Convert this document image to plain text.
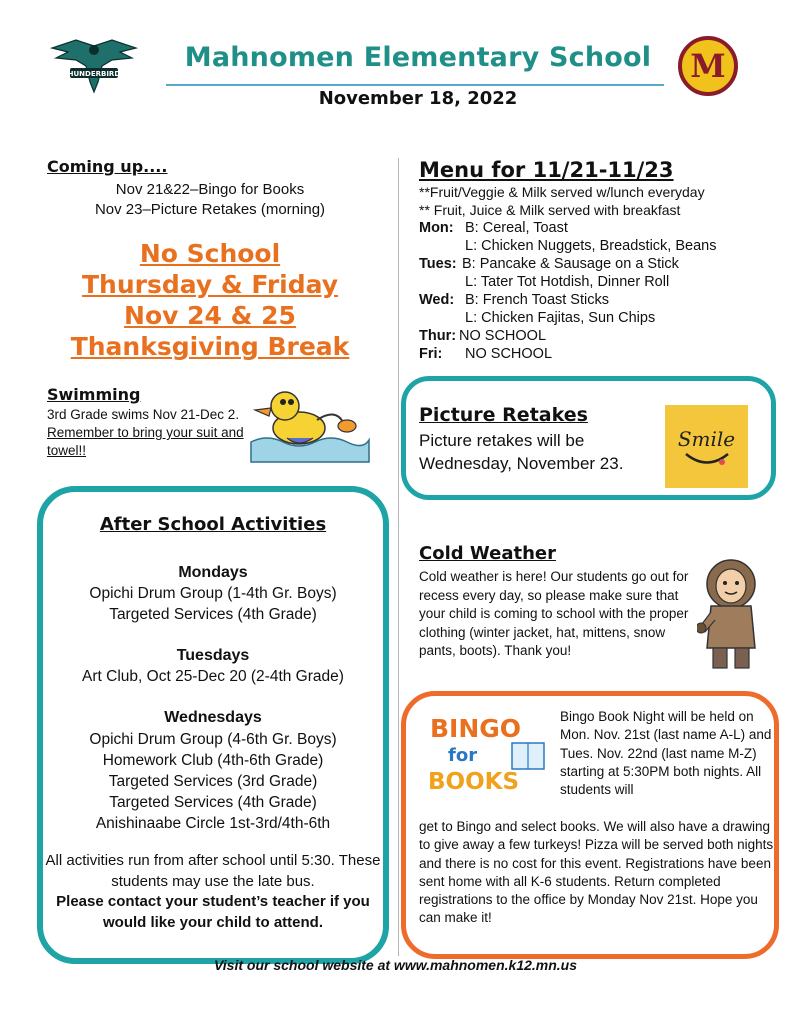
THUNDERBIRDS
Mahnomen Elementary School
November 18, 2022
M
Coming up....
Nov 21&22–Bingo for Books
Nov 23–Picture Retakes (morning)
No School
Thursday & Friday
Nov 24 & 25
Thanksgiving Break
Swimming
3rd Grade swims Nov 21-Dec 2.  Remember to bring your suit and towel!!
After School Activities
Mondays
Opichi Drum Group (1-4th Gr. Boys)
Targeted Services (4th Grade)
Tuesdays
Art Club, Oct 25-Dec 20 (2-4th Grade)
Wednesdays
Opichi Drum Group (4-6th Gr. Boys)
Homework Club (4th-6th Grade)
Targeted Services (3rd Grade)
Targeted Services (4th Grade)
Anishinaabe Circle 1st-3rd/4th-6th
All activities run from after school until 5:30. These students may use the late bus.
Please contact your student’s teacher if you would like your child to attend.
Menu for 11/21-11/23
**Fruit/Veggie & Milk served w/lunch everyday
** Fruit, Juice & Milk served with breakfast
Mon: B: Cereal, Toast
L: Chicken Nuggets, Breadstick, Beans
Tues: B: Pancake & Sausage on a Stick
L: Tater Tot Hotdish, Dinner Roll
Wed: B: French Toast Sticks
L: Chicken Fajitas, Sun Chips
Thur: NO SCHOOL
Fri: NO SCHOOL
Picture Retakes
Picture retakes will be Wednesday, November 23.
Smile
Cold Weather
Cold weather is here! Our students go out for recess every day, so please make sure that your child is coming to school with the proper clothing (winter jacket, hat, mittens, snow pants, boots). Thank you!
BINGO
for
BOOKS
Bingo Book Night will be held on Mon. Nov. 21st (last name A-L) and Tues. Nov. 22nd (last name M-Z) starting at 5:30PM both nights. All students will
get to Bingo and select books. We will also have a drawing to give away a few turkeys! Pizza will be served both nights and there is no cost for this event. Registrations have been sent home with all K-6 students. Return completed registrations to the office by Monday Nov 21st. Hope you can make it!
Visit our school website at www.mahnomen.k12.mn.us
